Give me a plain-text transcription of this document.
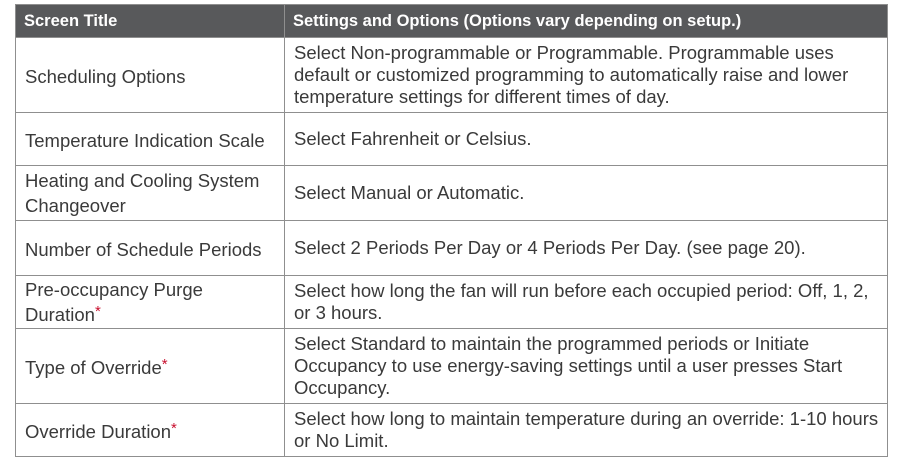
Screen Title	Settings and Options (Options vary depending on setup.)
Scheduling Options	Select Non-programmable or Programmable. Programmable uses default or customized programming to automatically raise and lower temperature settings for different times of day.
Temperature Indication Scale	Select Fahrenheit or Celsius.
Heating and Cooling System Changeover	Select Manual or Automatic.
Number of Schedule Periods	Select 2 Periods Per Day or 4 Periods Per Day. (see page 20).
Pre-occupancy Purge Duration*	Select how long the fan will run before each occupied period: Off, 1, 2, or 3 hours.
Type of Override*	Select Standard to maintain the programmed periods or Initiate Occupancy to use energy-saving settings until a user presses Start Occupancy.
Override Duration*	Select how long to maintain temperature during an override: 1-10 hours or No Limit.
